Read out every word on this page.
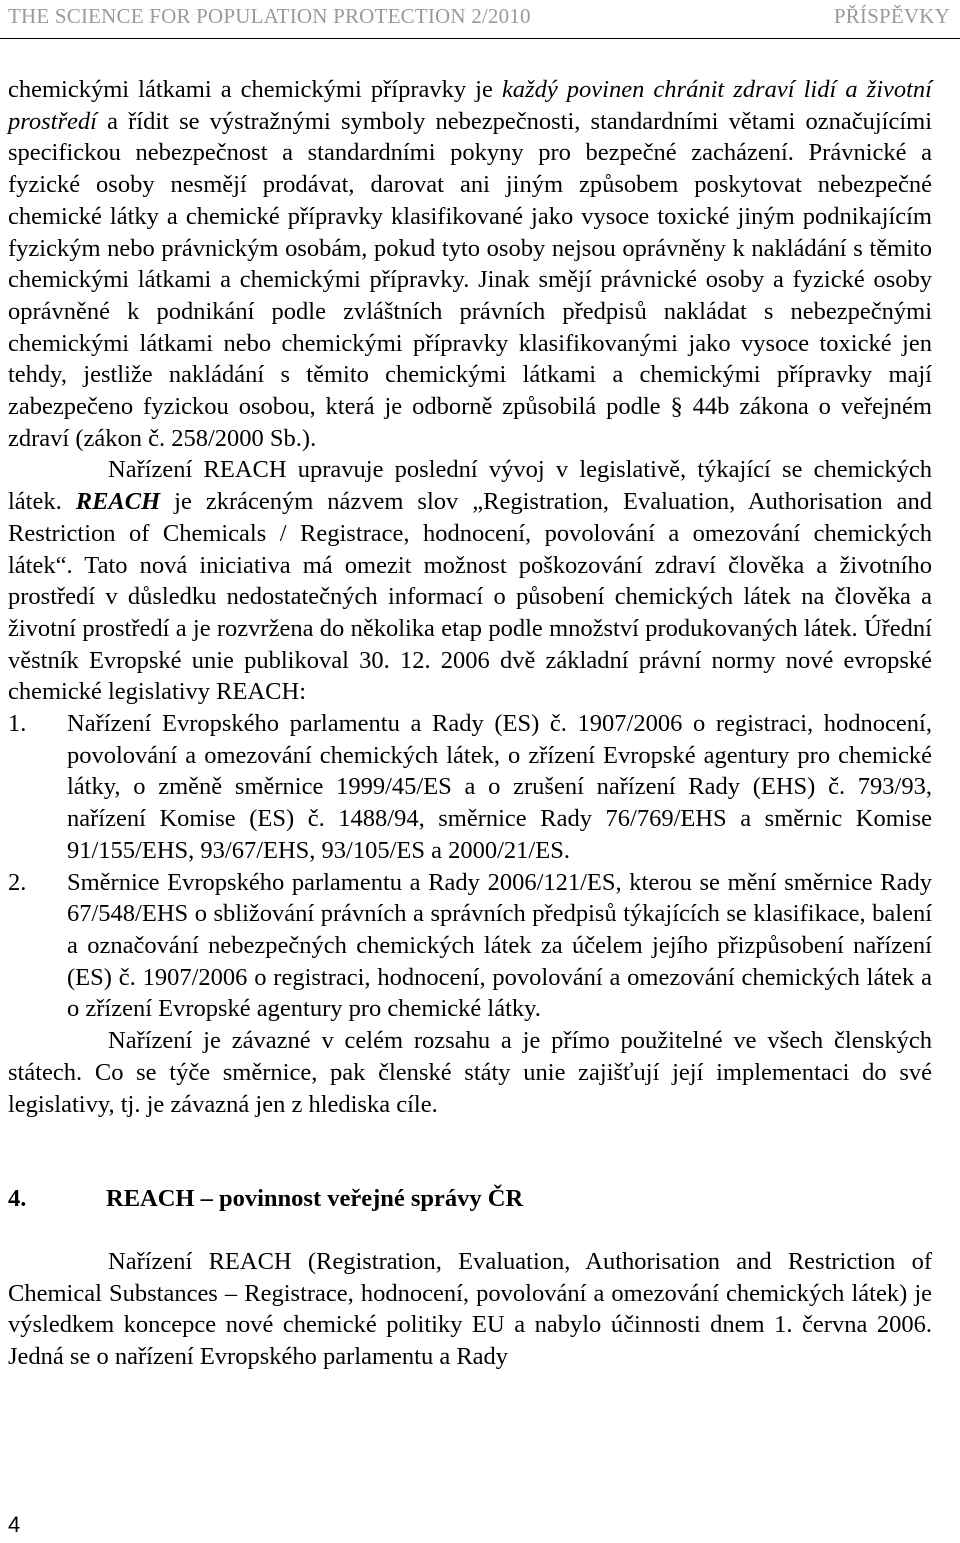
THE SCIENCE FOR POPULATION PROTECTION 2/2010	PŘÍSPĚVKY

chemickými látkami a chemickými přípravky je každý povinen chránit zdraví lidí a životní prostředí a řídit se výstražnými symboly nebezpečnosti, standardními větami označujícími specifickou nebezpečnost a standardními pokyny pro bezpečné zacházení. Právnické a fyzické osoby nesmějí prodávat, darovat ani jiným způsobem poskytovat nebezpečné chemické látky a chemické přípravky klasifikované jako vysoce toxické jiným podnikajícím fyzickým nebo právnickým osobám, pokud tyto osoby nejsou oprávněny k nakládání s těmito chemickými látkami a chemickými přípravky. Jinak smějí právnické osoby a fyzické osoby oprávněné k podnikání podle zvláštních právních předpisů nakládat s nebezpečnými chemickými látkami nebo chemickými přípravky klasifikovanými jako vysoce toxické jen tehdy, jestliže nakládání s těmito chemickými látkami a chemickými přípravky mají zabezpečeno fyzickou osobou, která je odborně způsobilá podle § 44b zákona o veřejném zdraví (zákon č. 258/2000 Sb.).

Nařízení REACH upravuje poslední vývoj v legislativě, týkající se chemických látek. REACH je zkráceným názvem slov „Registration, Evaluation, Authorisation and Restriction of Chemicals / Registrace, hodnocení, povolování a omezování chemických látek“. Tato nová iniciativa má omezit možnost poškozování zdraví člověka a životního prostředí v důsledku nedostatečných informací o působení chemických látek na člověka a životní prostředí a je rozvržena do několika etap podle množství produkovaných látek. Úřední věstník Evropské unie publikoval 30. 12. 2006 dvě základní právní normy nové evropské chemické legislativy REACH:

1. Nařízení Evropského parlamentu a Rady (ES) č. 1907/2006 o registraci, hodnocení, povolování a omezování chemických látek, o zřízení Evropské agentury pro chemické látky, o změně směrnice 1999/45/ES a o zrušení nařízení Rady (EHS) č. 793/93, nařízení Komise (ES) č. 1488/94, směrnice Rady 76/769/EHS a směrnic Komise 91/155/EHS, 93/67/EHS, 93/105/ES a 2000/21/ES.
2. Směrnice Evropského parlamentu a Rady 2006/121/ES, kterou se mění směrnice Rady 67/548/EHS o sbližování právních a správních předpisů týkajících se klasifikace, balení a označování nebezpečných chemických látek za účelem jejího přizpůsobení nařízení (ES) č. 1907/2006 o registraci, hodnocení, povolování a omezování chemických látek a o zřízení Evropské agentury pro chemické látky.

Nařízení je závazné v celém rozsahu a je přímo použitelné ve všech členských státech. Co se týče směrnice, pak členské státy unie zajišťují její implementaci do své legislativy, tj. je závazná jen z hlediska cíle.

4.	REACH – povinnost veřejné správy ČR

Nařízení REACH (Registration, Evaluation, Authorisation and Restriction of Chemical Substances – Registrace, hodnocení, povolování a omezování chemických látek) je výsledkem koncepce nové chemické politiky EU a nabylo účinnosti dnem 1. června 2006. Jedná se o nařízení Evropského parlamentu a Rady

4
